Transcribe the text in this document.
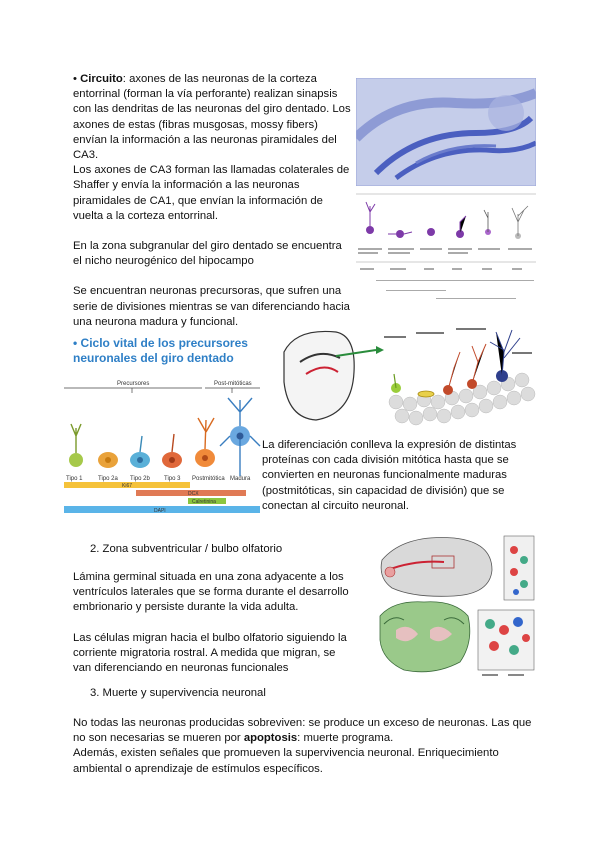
• Circuito: axones de las neuronas de la corteza entorrinal (forman la vía perforante) realizan sinapsis con las dendritas de las neuronas del giro dentado. Los axones de estas (fibras musgosas, mossy fibers) envían la información a las neuronas piramidales del CA3.

Los axones de CA3 forman las llamadas colaterales de Shaffer y envía la información a las neuronas piramidales de CA1, que envían la información de vuelta a la corteza entorrinal.

En la zona subgranular del giro dentado se encuentra el nicho neurogénico del hipocampo

Se encuentran neuronas precursoras, que sufren una serie de divisiones mientras se van diferenciando hacia una neurona madura y funcional.

• Ciclo vital de los precursores neuronales del giro dentado
Precursores	Post-mitóticas
Tipo 1	Tipo 2a Tipo 2b Tipo 3 Postmitótica Madura
Ki67
DCX
Calretinina
DAPI

La diferenciación conlleva la expresión de distintas proteínas con cada división mitótica hasta que se convierten en neuronas funcionalmente maduras (postmitóticas, sin capacidad de división) que se conectan al circuito neuronal.

2. Zona subventricular / bulbo olfatorio

Lámina germinal situada en una zona adyacente a los ventrículos laterales que se forma durante el desarrollo embrionario y persiste durante la vida adulta.

Las células migran hacia el bulbo olfatorio siguiendo la corriente migratoria rostral. A medida que migran, se van diferenciando en neuronas funcionales

3. Muerte y supervivencia neuronal

No todas las neuronas producidas sobreviven: se produce un exceso de neuronas. Las que no son necesarias se mueren por apoptosis: muerte programa.

Además, existen señales que promueven la supervivencia neuronal. Enriquecimiento ambiental o aprendizaje de estímulos específicos.
